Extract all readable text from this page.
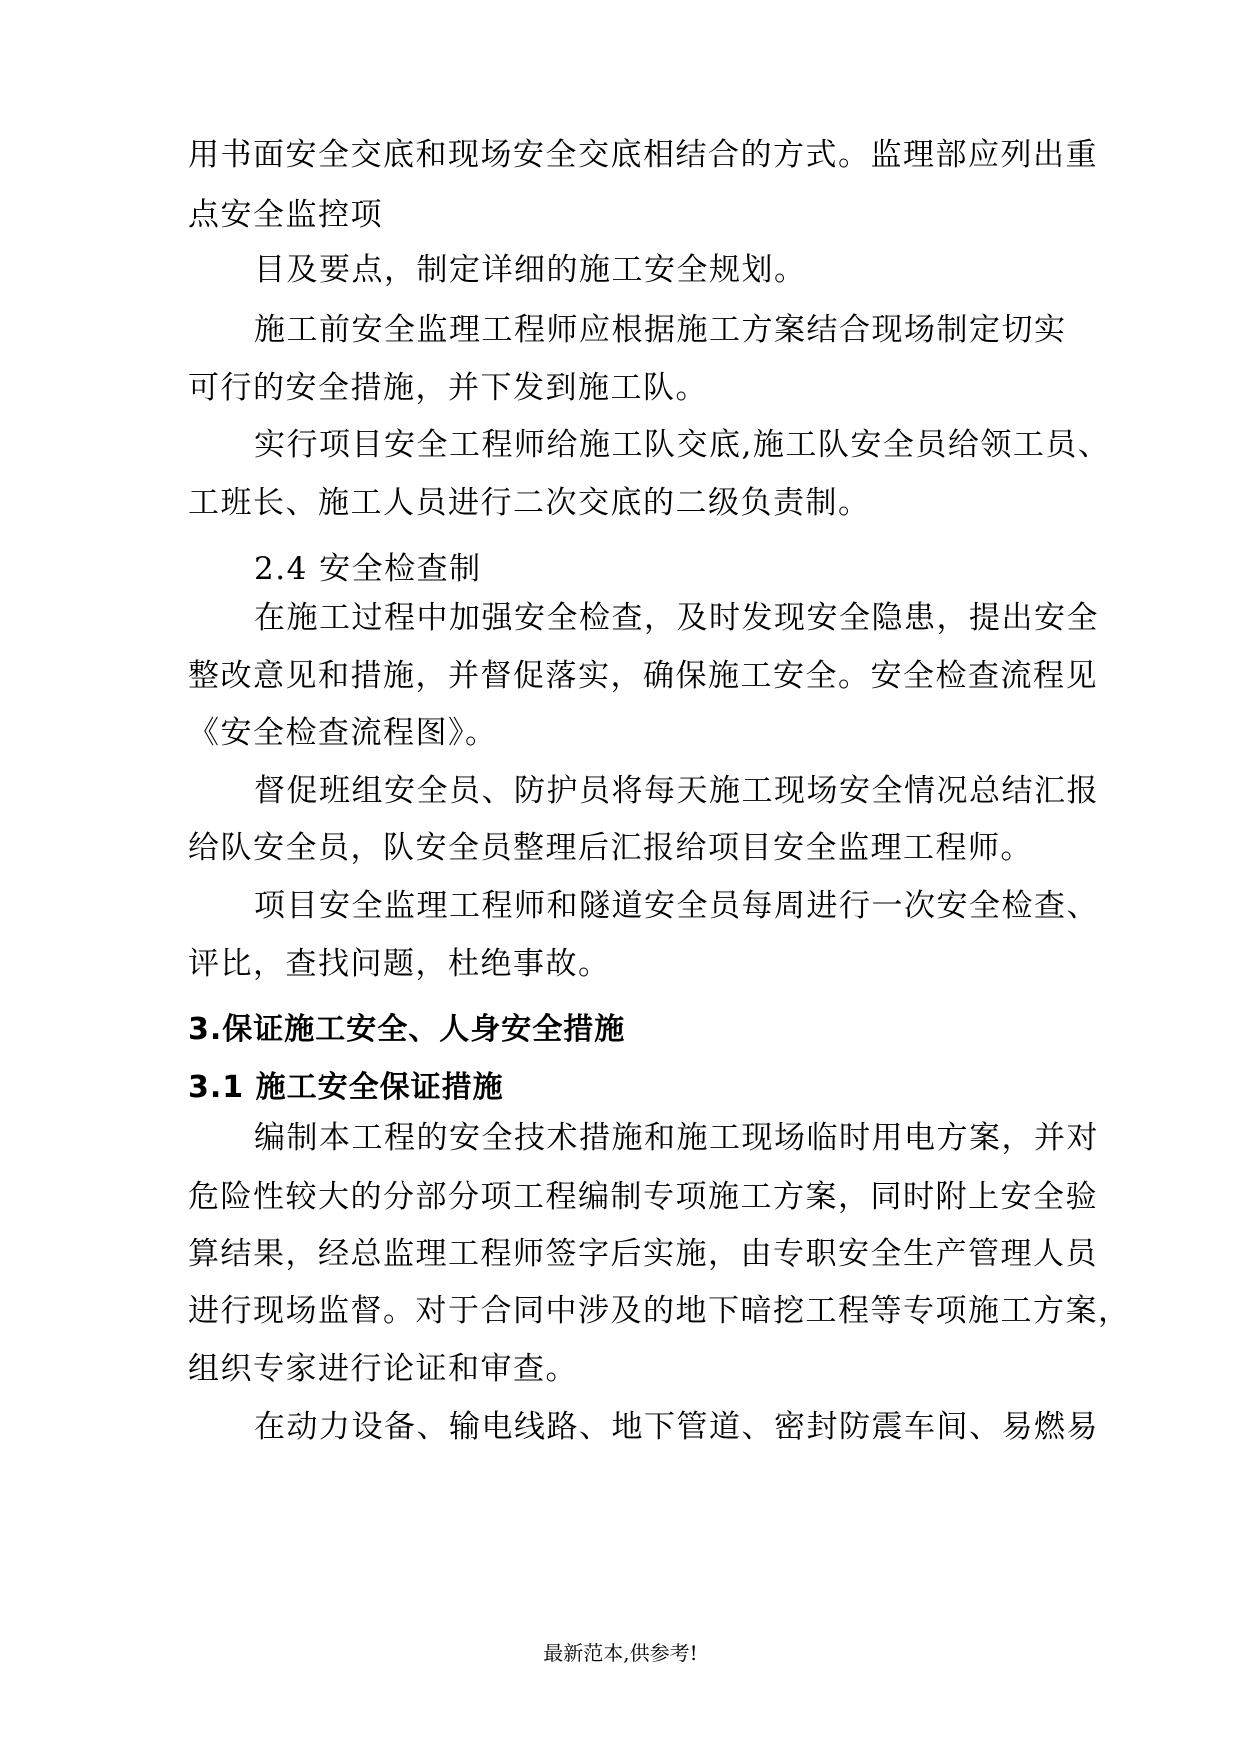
用书面安全交底和现场安全交底相结合的方式。监理部应列出重
点安全监控项
目及要点，制定详细的施工安全规划。
施工前安全监理工程师应根据施工方案结合现场制定切实
可行的安全措施，并下发到施工队。
实行项目安全工程师给施工队交底,施工队安全员给领工员、
工班长、施工人员进行二次交底的二级负责制。
2.4 安全检查制
在施工过程中加强安全检查，及时发现安全隐患，提出安全
整改意见和措施，并督促落实，确保施工安全。安全检查流程见
《安全检查流程图》。
督促班组安全员、防护员将每天施工现场安全情况总结汇报
给队安全员，队安全员整理后汇报给项目安全监理工程师。
项目安全监理工程师和隧道安全员每周进行一次安全检查、
评比，查找问题，杜绝事故。
3.保证施工安全、人身安全措施
3.1 施工安全保证措施
编制本工程的安全技术措施和施工现场临时用电方案，并对
危险性较大的分部分项工程编制专项施工方案，同时附上安全验
算结果，经总监理工程师签字后实施，由专职安全生产管理人员
进行现场监督。对于合同中涉及的地下暗挖工程等专项施工方案，
组织专家进行论证和审查。
在动力设备、输电线路、地下管道、密封防震车间、易燃易
最新范本,供参考!
